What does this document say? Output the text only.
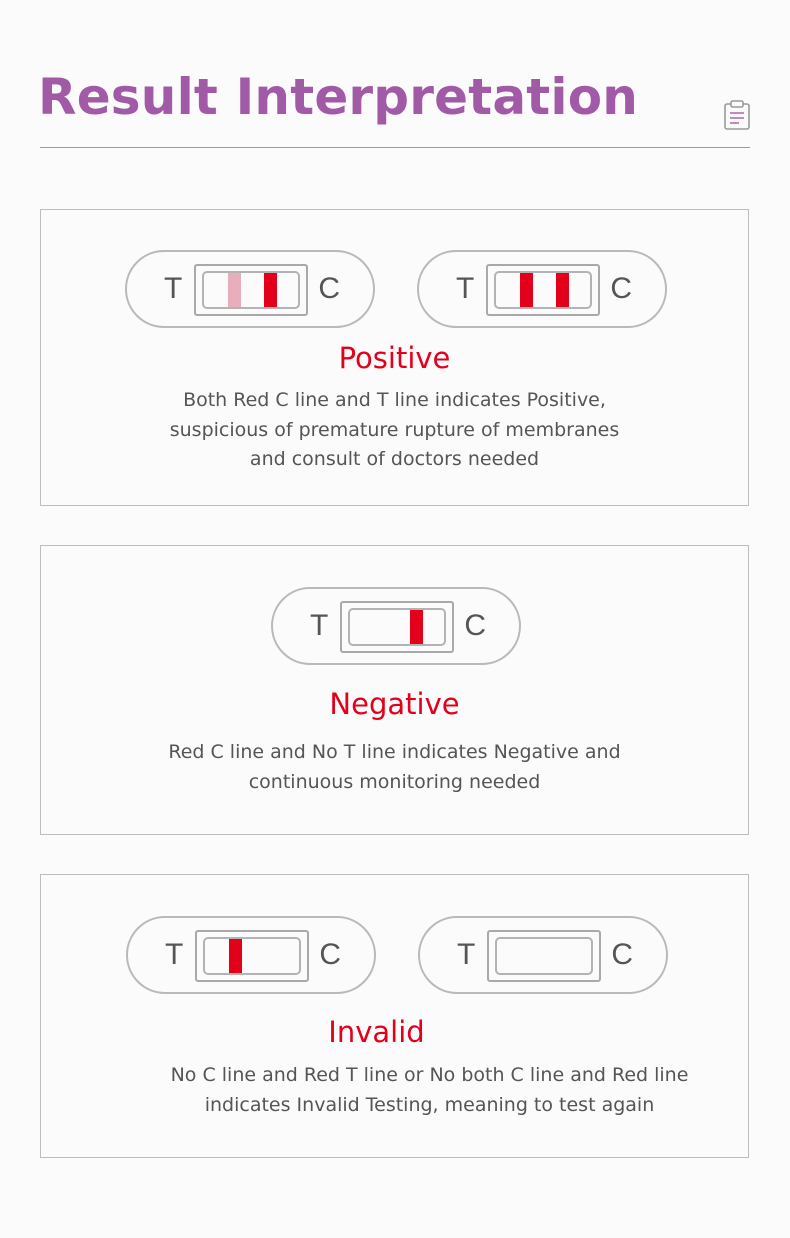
Result Interpretation
T	C	T	C
Positive
Both Red C line and T line indicates Positive,
suspicious of premature rupture of membranes
and consult of doctors needed
T	C
Negative
Red C line and No T line indicates Negative and
continuous monitoring needed
T	C	T	C
Invalid
No C line and Red T line or No both C line and Red line
indicates Invalid Testing, meaning to test again
